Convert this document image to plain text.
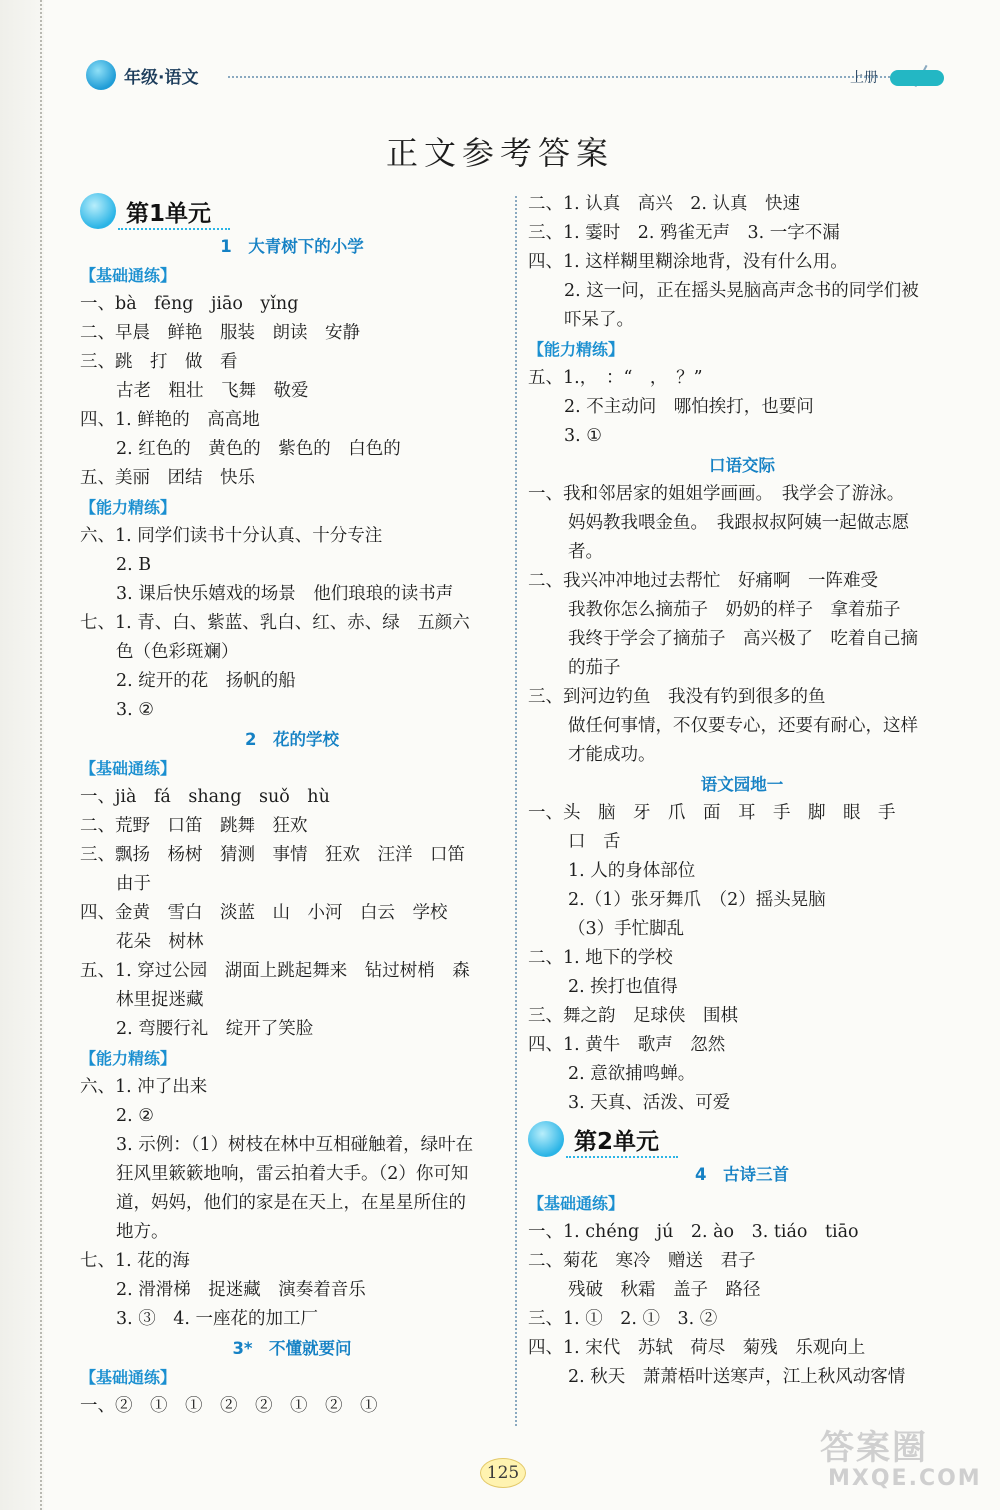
年级·语文	上册
正文参考答案
第1单元
1　大青树下的小学
【基础通练】
一、bà　fēng　jiāo　yǐng
二、早晨　鲜艳　服装　朗读　安静
三、跳　打　做　看
古老　粗壮　飞舞　敬爱
四、1. 鲜艳的　高高地
2. 红色的　黄色的　紫色的　白色的
五、美丽　团结　快乐
【能力精练】
六、1. 同学们读书十分认真、十分专注
2. B
3. 课后快乐嬉戏的场景　他们琅琅的读书声
七、1. 青、白、紫蓝、乳白、红、赤、绿　五颜六
色（色彩斑斓）
2. 绽开的花　扬帆的船
3. ②
2　花的学校
【基础通练】
一、jià　fá　shang　suǒ　hù
二、荒野　口笛　跳舞　狂欢
三、飘扬　杨树　猜测　事情　狂欢　汪洋　口笛
由于
四、金黄　雪白　淡蓝　山　小河　白云　学校
花朵　树林
五、1. 穿过公园　湖面上跳起舞来　钻过树梢　森
林里捉迷藏
2. 弯腰行礼　绽开了笑脸
【能力精练】
六、1. 冲了出来
2. ②
3. 示例：（1）树枝在林中互相碰触着，绿叶在
狂风里簌簌地响，雷云拍着大手。（2）你可知
道，妈妈，他们的家是在天上，在星星所住的
地方。
七、1. 花的海
2. 滑滑梯　捉迷藏　演奏着音乐
3. ③　4. 一座花的加工厂
3*　不懂就要问
【基础通练】
一、②　①　①　②　②　①　②　①
二、1. 认真　高兴　2. 认真　快速
三、1. 霎时　2. 鸦雀无声　3. 一字不漏
四、1. 这样糊里糊涂地背，没有什么用。
2. 这一问，正在摇头晃脑高声念书的同学们被
吓呆了。
【能力精练】
五、1.，　：“　，　？”
2. 不主动问　哪怕挨打，也要问
3. ①
口语交际
一、我和邻居家的姐姐学画画。　我学会了游泳。
妈妈教我喂金鱼。　我跟叔叔阿姨一起做志愿
者。
二、我兴冲冲地过去帮忙　好痛啊　一阵难受
我教你怎么摘茄子　奶奶的样子　拿着茄子
我终于学会了摘茄子　高兴极了　吃着自己摘
的茄子
三、到河边钓鱼　我没有钓到很多的鱼
做任何事情，不仅要专心，还要有耐心，这样
才能成功。
语文园地一
一、头　脑　牙　爪　面　耳　手　脚　眼　手
口　舌
1. 人的身体部位
2.（1）张牙舞爪　（2）摇头晃脑
（3）手忙脚乱
二、1. 地下的学校
2. 挨打也值得
三、舞之韵　足球侠　围棋
四、1. 黄牛　歌声　忽然
2. 意欲捕鸣蝉。
3. 天真、活泼、可爱
第2单元
4　古诗三首
【基础通练】
一、1. chéng　jú　2. ào　3. tiáo　tiāo
二、菊花　寒冷　赠送　君子
残破　秋霜　盖子　路径
三、1. ①　2. ①　3. ②
四、1. 宋代　苏轼　荷尽　菊残　乐观向上
2. 秋天　萧萧梧叶送寒声，江上秋风动客情
125
答案圈
MXQE.COM
